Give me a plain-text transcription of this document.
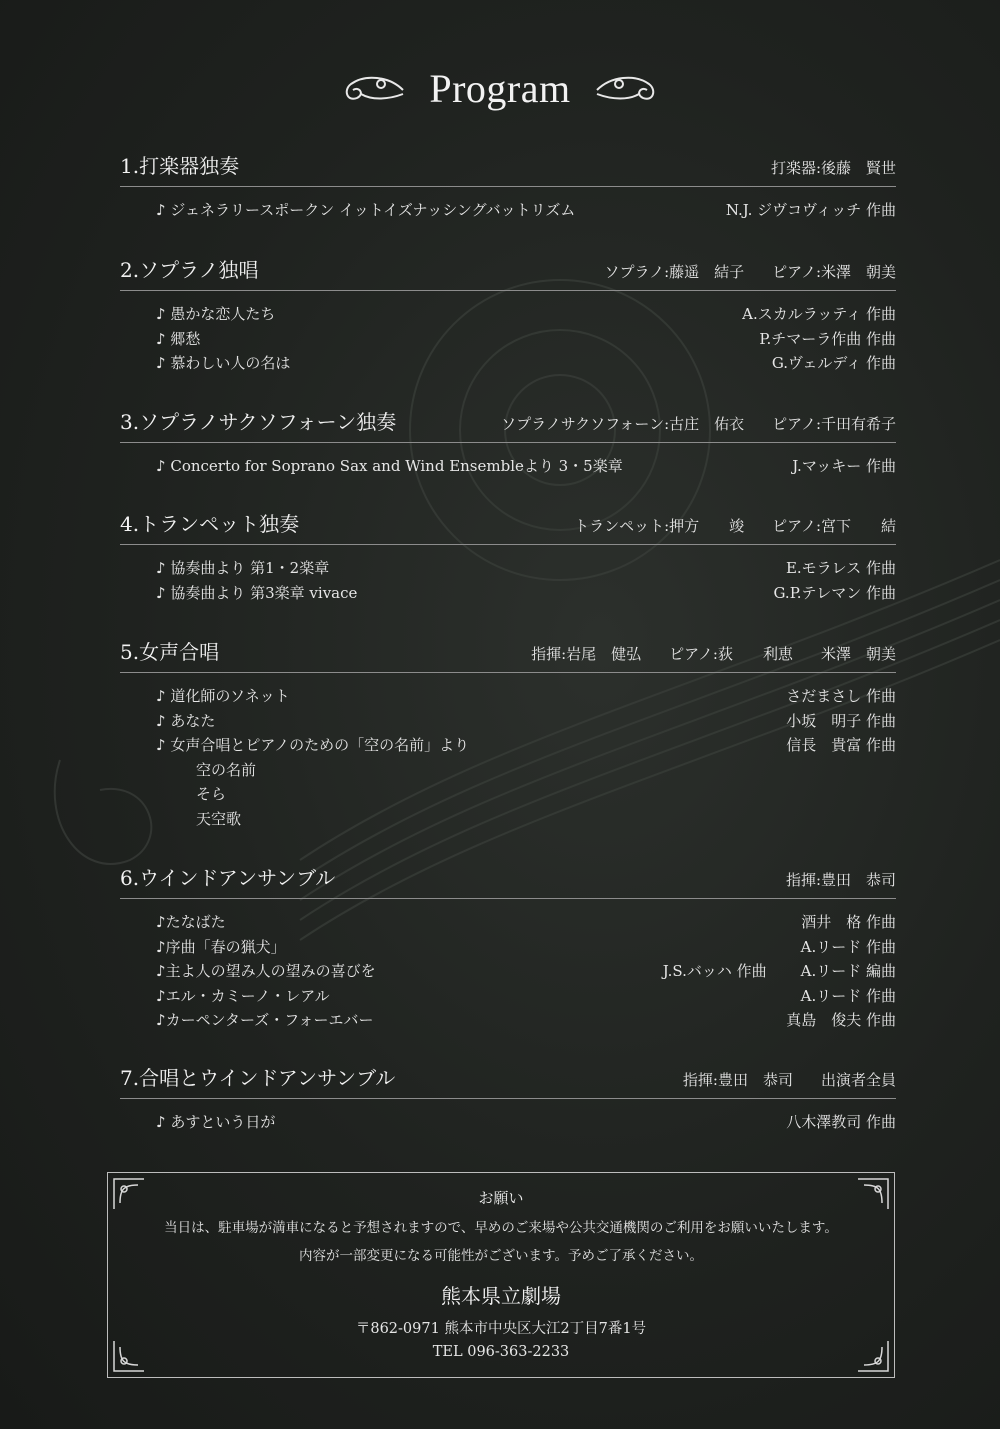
Program
1.打楽器独奏	打楽器:後藤　賢世
♪ ジェネラリースポークン イットイズナッシングバットリズム	N.J. ジヴコヴィッチ 作曲
2.ソプラノ独唱	ソプラノ:藤遥　結子 ピアノ:米澤　朝美
♪ 愚かな恋人たち	A.スカルラッティ 作曲
♪ 郷愁	P.チマーラ作曲 作曲
♪ 慕わしい人の名は	G.ヴェルディ 作曲
3.ソプラノサクソフォーン独奏	ソプラノサクソフォーン:古庄　佑衣 ピアノ:千田有希子
♪ Concerto for Soprano Sax and Wind Ensembleより 3・5楽章	J.マッキー 作曲
4.トランペット独奏	トランペット:押方　　竣 ピアノ:宮下　　結
♪ 協奏曲より 第1・2楽章	E.モラレス 作曲
♪ 協奏曲より 第3楽章 vivace	G.P.テレマン 作曲
5.女声合唱	指揮:岩尾　健弘 ピアノ:荻　　利恵 米澤　朝美
♪ 道化師のソネット	さだまさし 作曲
♪ あなた	小坂　明子 作曲
♪ 女声合唱とピアノのための「空の名前」より	信長　貴富 作曲
空の名前
そら
天空歌
6.ウインドアンサンブル	指揮:豊田　恭司
♪たなばた	酒井　格 作曲
♪序曲「春の猟犬」	A.リード 作曲
♪主よ人の望み人の望みの喜びを	J.S.バッハ 作曲 A.リード 編曲
♪エル・カミーノ・レアル	A.リード 作曲
♪カーペンターズ・フォーエバー	真島　俊夫 作曲
7.合唱とウインドアンサンブル	指揮:豊田　恭司 出演者全員
♪ あすという日が	八木澤教司 作曲
お願い
当日は、駐車場が満車になると予想されますので、早めのご来場や公共交通機関のご利用をお願いいたします。
内容が一部変更になる可能性がございます。予めご了承ください。
熊本県立劇場
〒862-0971 熊本市中央区大江2丁目7番1号
TEL 096-363-2233
